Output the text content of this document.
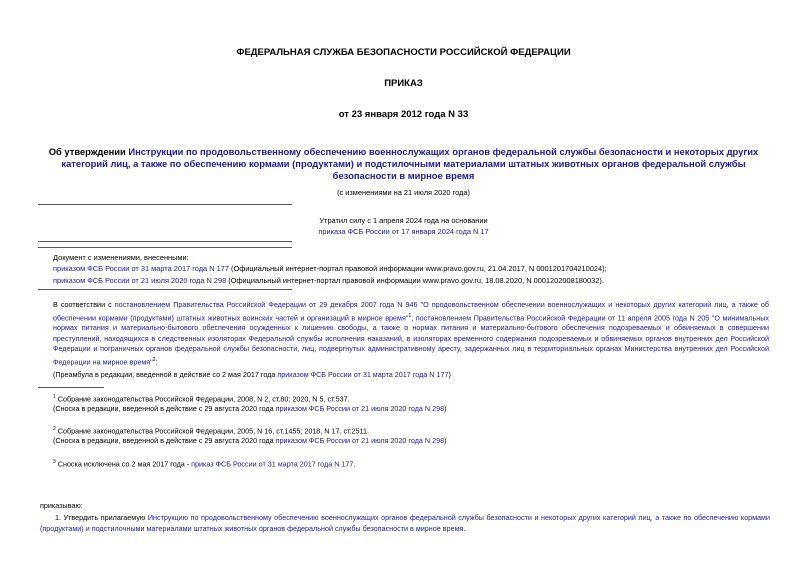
ФЕДЕРАЛЬНАЯ СЛУЖБА БЕЗОПАСНОСТИ РОССИЙСКОЙ ФЕДЕРАЦИИ
ПРИКАЗ
от 23 января 2012 года N 33
Об утверждении Инструкции по продовольственному обеспечению военнослужащих органов федеральной службы безопасности и некоторых других категорий лиц, а также по обеспечению кормами (продуктами) и подстилочными материалами штатных животных органов федеральной службы безопасности в мирное время
(с изменениями на 21 июля 2020 года)
Утратил силу с 1 апреля 2024 года на основании
приказа ФСБ России от 17 января 2024 года N 17
Документ с изменениями, внесенными:
приказом ФСБ России от 31 марта 2017 года N 177 (Официальный интернет-портал правовой информации www.pravo.gov.ru, 21.04.2017, N 0001201704210024);
приказом ФСБ России от 21 июля 2020 года N 298 (Официальный интернет-портал правовой информации www.pravo.gov.ru, 18.08.2020, N 0001202008180032).
В соответствии с постановлением Правительства Российской Федерации от 29 декабря 2007 года N 946 "О продовольственном обеспечении военнослужащих и некоторых других категорий лиц, а также об обеспечении кормами (продуктами) штатных животных воинских частей и организаций в мирное время"$^1$, постановлением Правительства Российской Федерации от 11 апреля 2005 года N 205 "О минимальных нормах питания и материально-бытового обеспечения осужденных к лишению свободы, а также о нормах питания и материально-бытового обеспечения подозреваемых и обвиняемых в совершении преступлений, находящихся в следственных изоляторах Федеральной службы исполнения наказаний, в изоляторах временного содержания подозреваемых и обвиняемых органов внутренних дел Российской Федерации и пограничных органов федеральной службы безопасности, лиц, подвергнутых административному аресту, задержанных лиц в территориальных органах Министерства внутренних дел Российской Федерации на мирное время"$^2$:
(Преамбула в редакции, введенной в действие со 2 мая 2017 года приказом ФСБ России от 31 марта 2017 года N 177)
$^1$ Собрание законодательства Российской Федерации, 2008, N 2, ст.80; 2020, N 5, ст.537.
(Сноска в редакции, введенной в действие с 29 августа 2020 года приказом ФСБ России от 21 июля 2020 года N 298)
$^2$ Собрание законодательства Российской Федерации, 2005, N 16, ст.1455; 2018, N 17, ст.2511.
(Сноска в редакции, введенной в действие с 29 августа 2020 года приказом ФСБ России от 21 июля 2020 года N 298)
$^3$ Сноска исключена со 2 мая 2017 года - приказ ФСБ России от 31 марта 2017 года N 177.
приказываю:
1. Утвердить прилагаемую Инструкцию по продовольственному обеспечению военнослужащих органов федеральной службы безопасности и некоторых других категорий лиц, а также по обеспечению кормами (продуктами) и подстилочными материалами штатных животных органов федеральной службы безопасности в мирное время.
